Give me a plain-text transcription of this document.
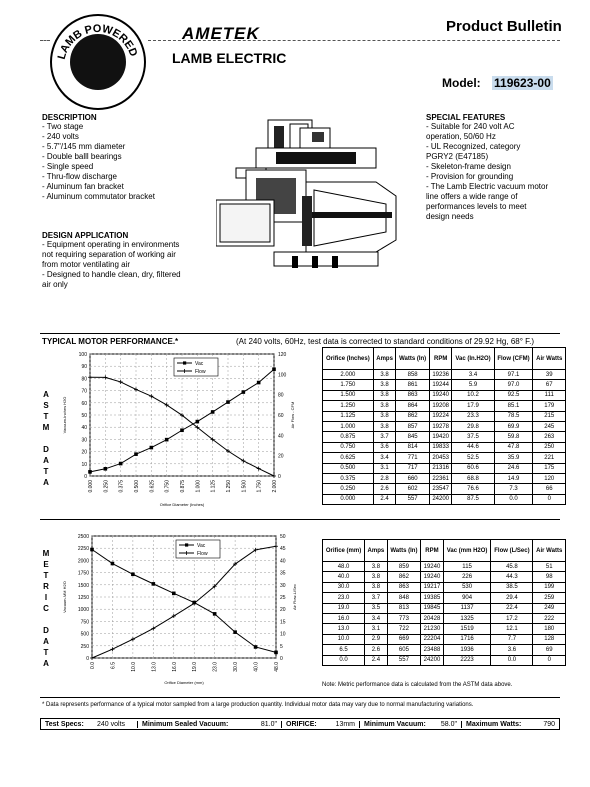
LAMB POWERED
AMETEK
LAMB ELECTRIC
Product Bulletin
Model: 119623-00
DESCRIPTION
- Two stage
- 240 volts
- 5.7"/145 mm diameter
- Double balll bearings
- Single speed
- Thru-flow discharge
- Aluminum fan bracket
- Aluminum commutator bracket
DESIGN APPLICATION
- Equipment operating in environments
not requiring separation of working air
from motor ventilating air
- Designed to handle clean, dry, filtered
air only
SPECIAL FEATURES
- Suitable for 240 volt AC
operation, 50/60 Hz
- UL Recognized, category
PGRY2 (E47185)
- Skeleton-frame design
- Provision for grounding
- The Lamb Electric vacuum motor
line offers a wide range of
performances levels to meet
design needs
TYPICAL MOTOR PERFORMANCE.*	(At 240 volts, 60Hz, test data is corrected to standard conditions of 29.92 Hg, 68° F.)
A
S
T
M

D
A
T
A
100
90
80
70
60
50
40
30
20
10
0
120
100
80
60
40
20
0
0.000 0.250 0.375 0.500 0.625 0.750 0.875 1.000 1.125 1.250 1.500 1.750 2.000
Orifice Diameter (Inches)
Vacuum-Inches H2O	Air Flow - CFM
Vac
Flow
Orifice (Inches)	Amps	Watts (In)	RPM	Vac (In.H2O)	Flow (CFM)	Air Watts
2.000	3.8	858	19236	3.4	97.1	39
1.750	3.8	861	19244	5.9	97.0	67
1.500	3.8	863	19240	10.2	92.5	111
1.250	3.8	864	19208	17.9	85.1	179
1.125	3.8	862	19224	23.3	78.5	215
1.000	3.8	857	19278	29.8	69.9	245
0.875	3.7	845	19420	37.5	59.8	263
0.750	3.6	814	19833	44.6	47.8	250
0.625	3.4	771	20453	52.5	35.9	221
0.500	3.1	717	21316	60.6	24.6	175
0.375	2.8	660	22361	68.8	14.9	120
0.250	2.6	602	23547	76.6	7.3	66
0.000	2.4	557	24200	87.5	0.0	0
M
E
T
R
I
C

D
A
T
A
2500
2250
2000
1750
1500
1250
1000
750
500
250
0
50
45
40
35
30
25
20
15
10
5
0
0.0	6.5	10.0	13.0	16.0	19.0	23.0	30.0	40.0	48.0
Orifice Diameter (mm)
Vacuum-MM H2O	Air Flow-L/Sec
Vac
Flow
Orifice (mm)	Amps	Watts (In)	RPM	Vac (mm H2O)	Flow (L/Sec)	Air Watts
48.0	3.8	859	19240	115	45.8	51
40.0	3.8	862	19240	226	44.3	98
30.0	3.8	863	19217	530	38.5	199
23.0	3.7	848	19385	904	29.4	259
19.0	3.5	813	19845	1137	22.4	249
16.0	3.4	773	20428	1325	17.2	222
13.0	3.1	722	21230	1519	12.1	180
10.0	2.9	669	22204	1716	7.7	128
6.5	2.6	605	23488	1936	3.6	69
0.0	2.4	557	24200	2223	0.0	0
Note: Metric performance data is calculated from the ASTM data above.
* Data represents performance of a typical motor sampled from a large production quantity. Individual motor data may vary due to normal manufacturing variations.
Test Specs:	240 volts	Minimum Sealed Vacuum:	81.0"	ORIFICE:	13mm	Minimum Vacuum:	58.0"	Maximum Watts:	790
